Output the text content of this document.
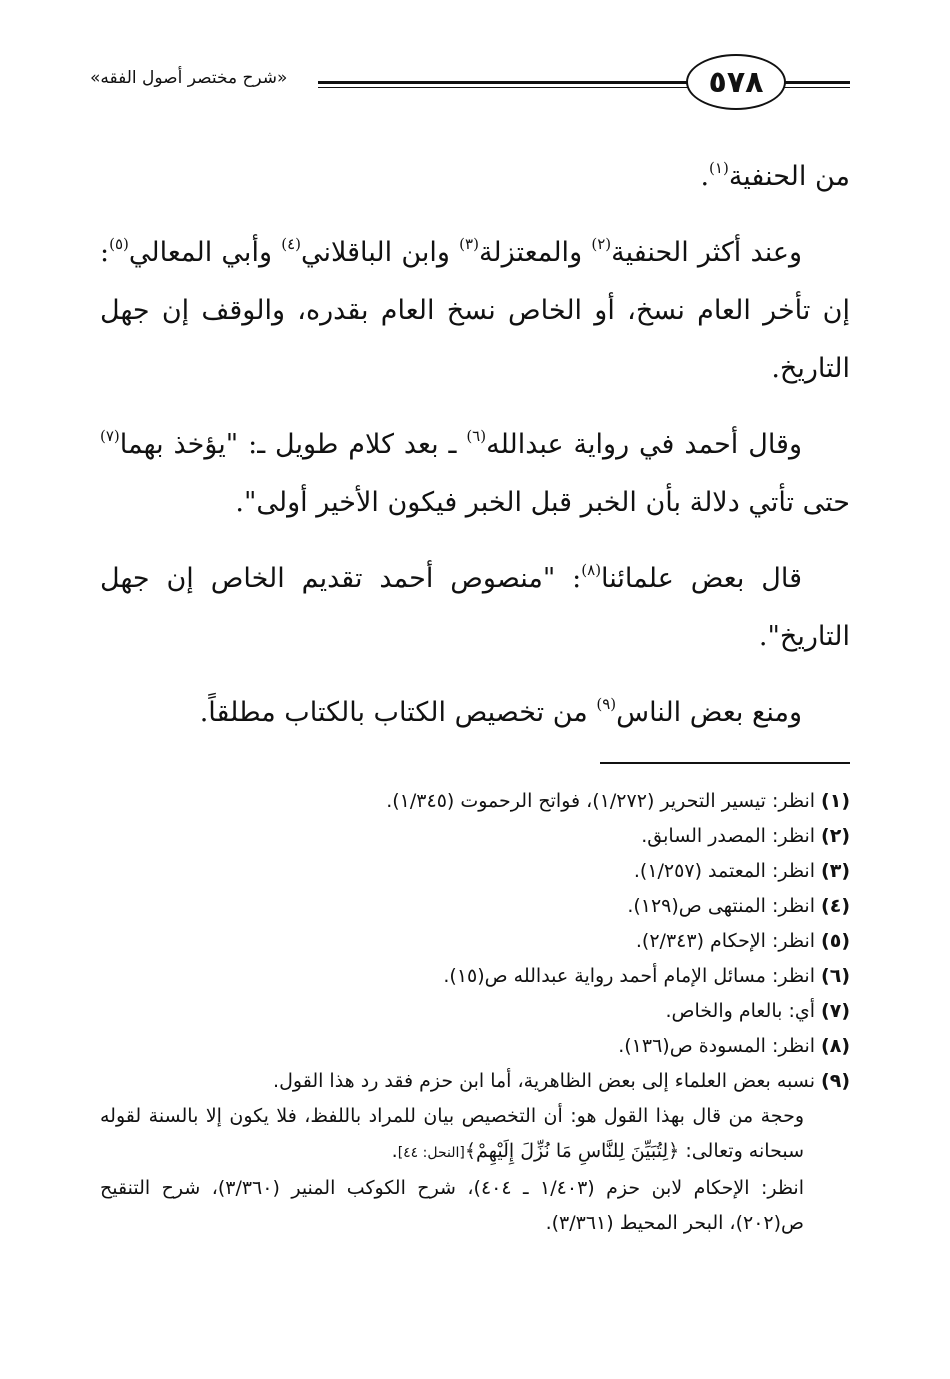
«شرح مختصر أصول الفقه»	٥٧٨

من الحنفية$^{(١)}$.

وعند أكثر الحنفية$^{(٢)}$ والمعتزلة$^{(٣)}$ وابن الباقلاني$^{(٤)}$ وأبي المعالي$^{(٥)}$: إن تأخر العام نسخ، أو الخاص نسخ العام بقدره، والوقف إن جهل التاريخ.

وقال أحمد في رواية عبدالله$^{(٦)}$ ـ بعد كلام طويل ـ: "يؤخذ بهما$^{(٧)}$ حتى تأتي دلالة بأن الخبر قبل الخبر فيكون الأخير أولى".

قال بعض علمائنا$^{(٨)}$: "منصوص أحمد تقديم الخاص إن جهل التاريخ".

ومنع بعض الناس$^{(٩)}$ من تخصيص الكتاب بالكتاب مطلقاً.

(١)انظر: تيسير التحرير (١/٢٧٢)، فواتح الرحموت (١/٣٤٥).
(٢)انظر: المصدر السابق.
(٣)انظر: المعتمد (١/٢٥٧).
(٤)انظر: المنتهى ص(١٢٩).
(٥)انظر: الإحكام (٢/٣٤٣).
(٦)انظر: مسائل الإمام أحمد رواية عبدالله ص(١٥).
(٧)أي: بالعام والخاص.
(٨)انظر: المسودة ص(١٣٦).
(٩)نسبه بعض العلماء إلى بعض الظاهرية، أما ابن حزم فقد رد هذا القول.
وحجة من قال بهذا القول هو: أن التخصيص بيان للمراد باللفظ، فلا يكون إلا بالسنة لقوله سبحانه وتعالى: ﴿لِتُبَيِّنَ لِلنَّاسِ مَا نُزِّلَ إِلَيْهِمْ﴾[النحل: ٤٤].
انظر: الإحكام لابن حزم (١/٤٠٣ ـ ٤٠٤)، شرح الكوكب المنير (٣/٣٦٠)، شرح التنقيح ص(٢٠٢)، البحر المحيط (٣/٣٦١).
